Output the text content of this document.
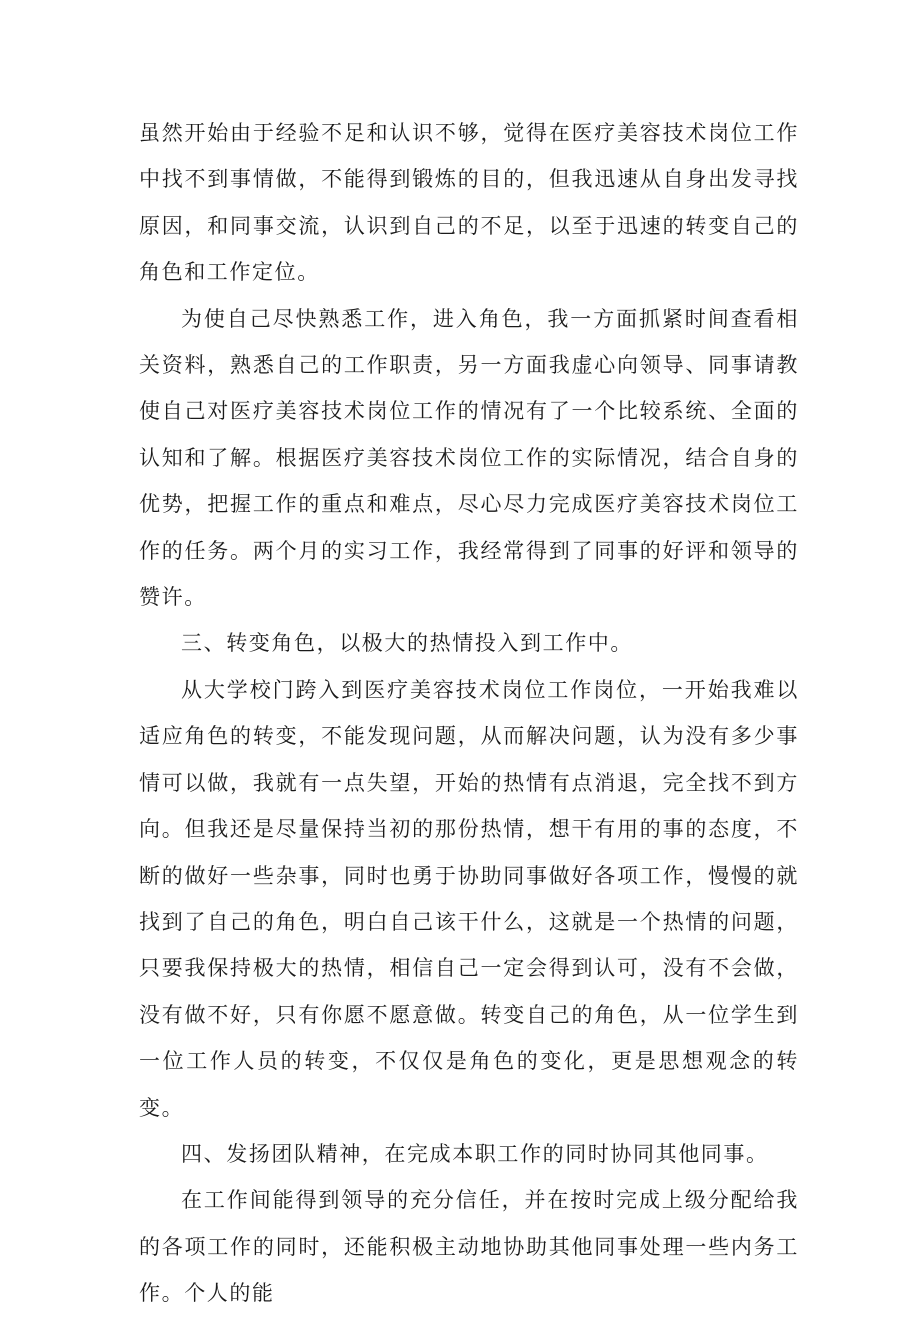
虽然开始由于经验不足和认识不够，觉得在医疗美容技术岗位工作中找不到事情做，不能得到锻炼的目的，但我迅速从自身出发寻找原因，和同事交流，认识到自己的不足，以至于迅速的转变自己的角色和工作定位。

为使自己尽快熟悉工作，进入角色，我一方面抓紧时间查看相关资料，熟悉自己的工作职责，另一方面我虚心向领导、同事请教使自己对医疗美容技术岗位工作的情况有了一个比较系统、全面的认知和了解。根据医疗美容技术岗位工作的实际情况，结合自身的优势，把握工作的重点和难点，尽心尽力完成医疗美容技术岗位工作的任务。两个月的实习工作，我经常得到了同事的好评和领导的赞许。

三、转变角色，以极大的热情投入到工作中。

从大学校门跨入到医疗美容技术岗位工作岗位，一开始我难以适应角色的转变，不能发现问题，从而解决问题，认为没有多少事情可以做，我就有一点失望，开始的热情有点消退，完全找不到方向。但我还是尽量保持当初的那份热情，想干有用的事的态度，不断的做好一些杂事，同时也勇于协助同事做好各项工作，慢慢的就找到了自己的角色，明白自己该干什么，这就是一个热情的问题，只要我保持极大的热情，相信自己一定会得到认可，没有不会做，没有做不好，只有你愿不愿意做。转变自己的角色，从一位学生到一位工作人员的转变，不仅仅是角色的变化，更是思想观念的转变。

四、发扬团队精神，在完成本职工作的同时协同其他同事。

在工作间能得到领导的充分信任，并在按时完成上级分配给我的各项工作的同时，还能积极主动地协助其他同事处理一些内务工作。个人的能
